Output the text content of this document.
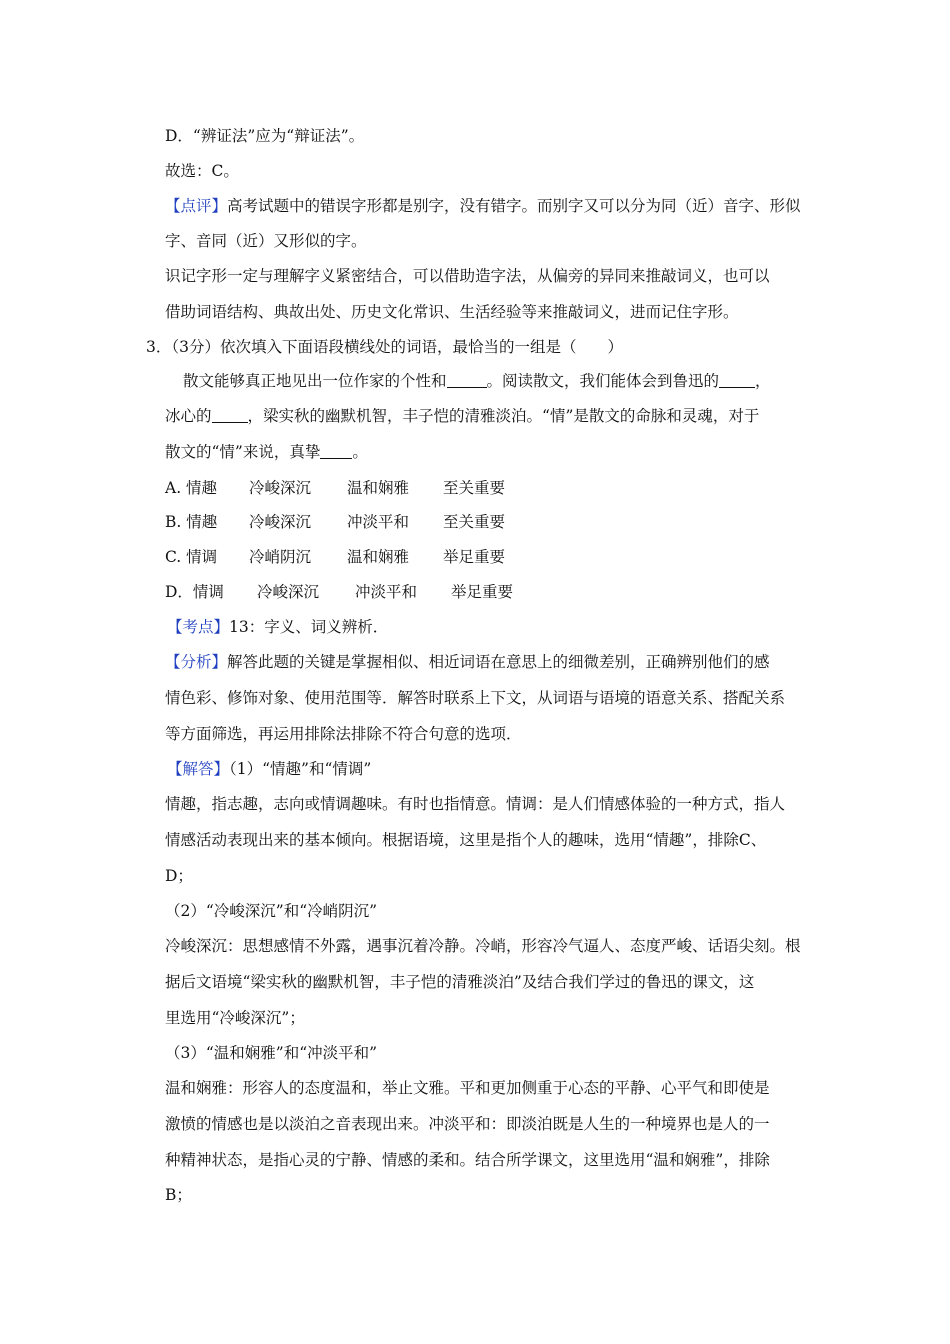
D．“辨证法”应为“辩证法”。
故选：C。
【点评】高考试题中的错误字形都是别字，没有错字。而别字又可以分为同（近）音字、形似
字、音同（近）又形似的字。
识记字形一定与理解字义紧密结合，可以借助造字法，从偏旁的异同来推敲词义，也可以
借助词语结构、典故出处、历史文化常识、生活经验等来推敲词义，进而记住字形。
3．（3分）依次填入下面语段横线处的词语，最恰当的一组是（　　）
散文能够真正地见出一位作家的个性和	。阅读散文，我们能体会到鲁迅的 ，
冰心的 ，梁实秋的幽默机智，丰子恺的清雅淡泊。“情”是散文的命脉和灵魂，对于
散文的“情”来说，真挚 。
A. 情趣 冷峻深沉 温和娴雅 至关重要
B. 情趣 冷峻深沉 冲淡平和 至关重要
C. 情调 冷峭阴沉 温和娴雅 举足重要
D．情调 冷峻深沉 冲淡平和 举足重要
【考点】13：字义、词义辨析．
【分析】解答此题的关键是掌握相似、相近词语在意思上的细微差别，正确辨别他们的感
情色彩、修饰对象、使用范围等．解答时联系上下文，从词语与语境的语意关系、搭配关系
等方面筛选，再运用排除法排除不符合句意的选项．
【解答】（1）“情趣”和“情调”
情趣，指志趣，志向或情调趣味。有时也指情意。情调：是人们情感体验的一种方式，指人
情感活动表现出来的基本倾向。根据语境，这里是指个人的趣味，选用“情趣”，排除C、
D；
（2）“冷峻深沉”和“冷峭阴沉”
冷峻深沉：思想感情不外露，遇事沉着冷静。冷峭，形容冷气逼人、态度严峻、话语尖刻。根
据后文语境“梁实秋的幽默机智，丰子恺的清雅淡泊”及结合我们学过的鲁迅的课文，这
里选用“冷峻深沉”；
（3）“温和娴雅”和“冲淡平和”
温和娴雅：形容人的态度温和，举止文雅。平和更加侧重于心态的平静、心平气和即使是
激愤的情感也是以淡泊之音表现出来。冲淡平和：即淡泊既是人生的一种境界也是人的一
种精神状态，是指心灵的宁静、情感的柔和。结合所学课文，这里选用“温和娴雅”，排除
B；
